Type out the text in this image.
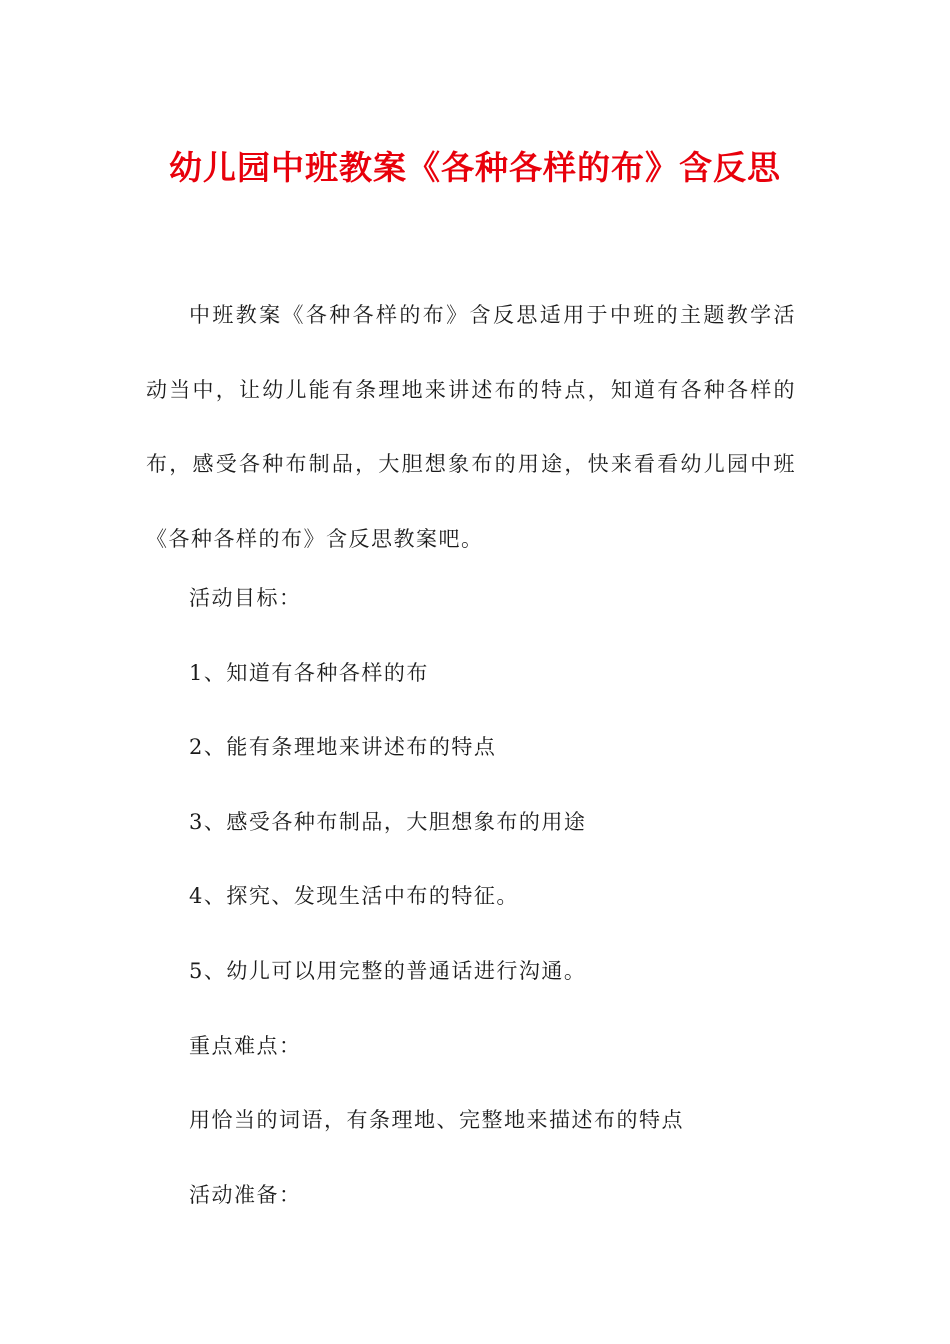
幼儿园中班教案《各种各样的布》含反思

中班教案《各种各样的布》含反思适用于中班的主题教学活动当中，让幼儿能有条理地来讲述布的特点，知道有各种各样的布，感受各种布制品，大胆想象布的用途，快来看看幼儿园中班《各种各样的布》含反思教案吧。

活动目标：

1、知道有各种各样的布

2、能有条理地来讲述布的特点

3、感受各种布制品，大胆想象布的用途

4、探究、发现生活中布的特征。

5、幼儿可以用完整的普通话进行沟通。

重点难点：

用恰当的词语，有条理地、完整地来描述布的特点

活动准备：
